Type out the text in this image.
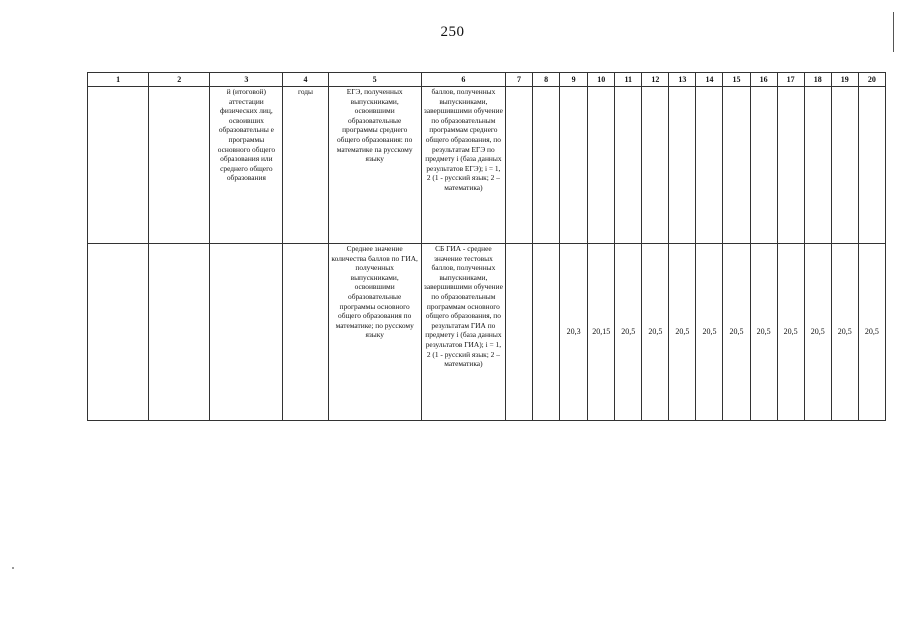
250
1	2	3	4	5	6	7	8	9	10	11	12	13	14	15	16	17	18	19	20
		й (итоговой) аттестации физических лиц, освоивших образовательны е программы основного общего образования или среднего общего образования	годы	ЕГЭ, полученных выпускниками, освоившими образовательные программы среднего общего образования: по математике па русскому языку	баллов, полученных выпускниками, завершившими обучение по образовательным программам среднего общего образования, по результатам ЕГЭ по предмету i (база данных результатов ЕГЭ); i = 1, 2 (1 - русский язык; 2 – математика)														
				Среднее значение количества баллов по ГИА, полученных выпускниками, освоившими образовательные программы основного общего образования по математике; по русскому языку	СБ ГИА - среднее значение тестовых баллов, полученных выпускниками, завершившими обучение по образовательным программам основного общего образования, по результатам ГИА по предмету i (база данных результатов ГИА); i = 1, 2 (1 - русский язык; 2 – математика)			20,3	20,15	20,5	20,5	20,5	20,5	20,5	20,5	20,5	20,5	20,5	20,5
